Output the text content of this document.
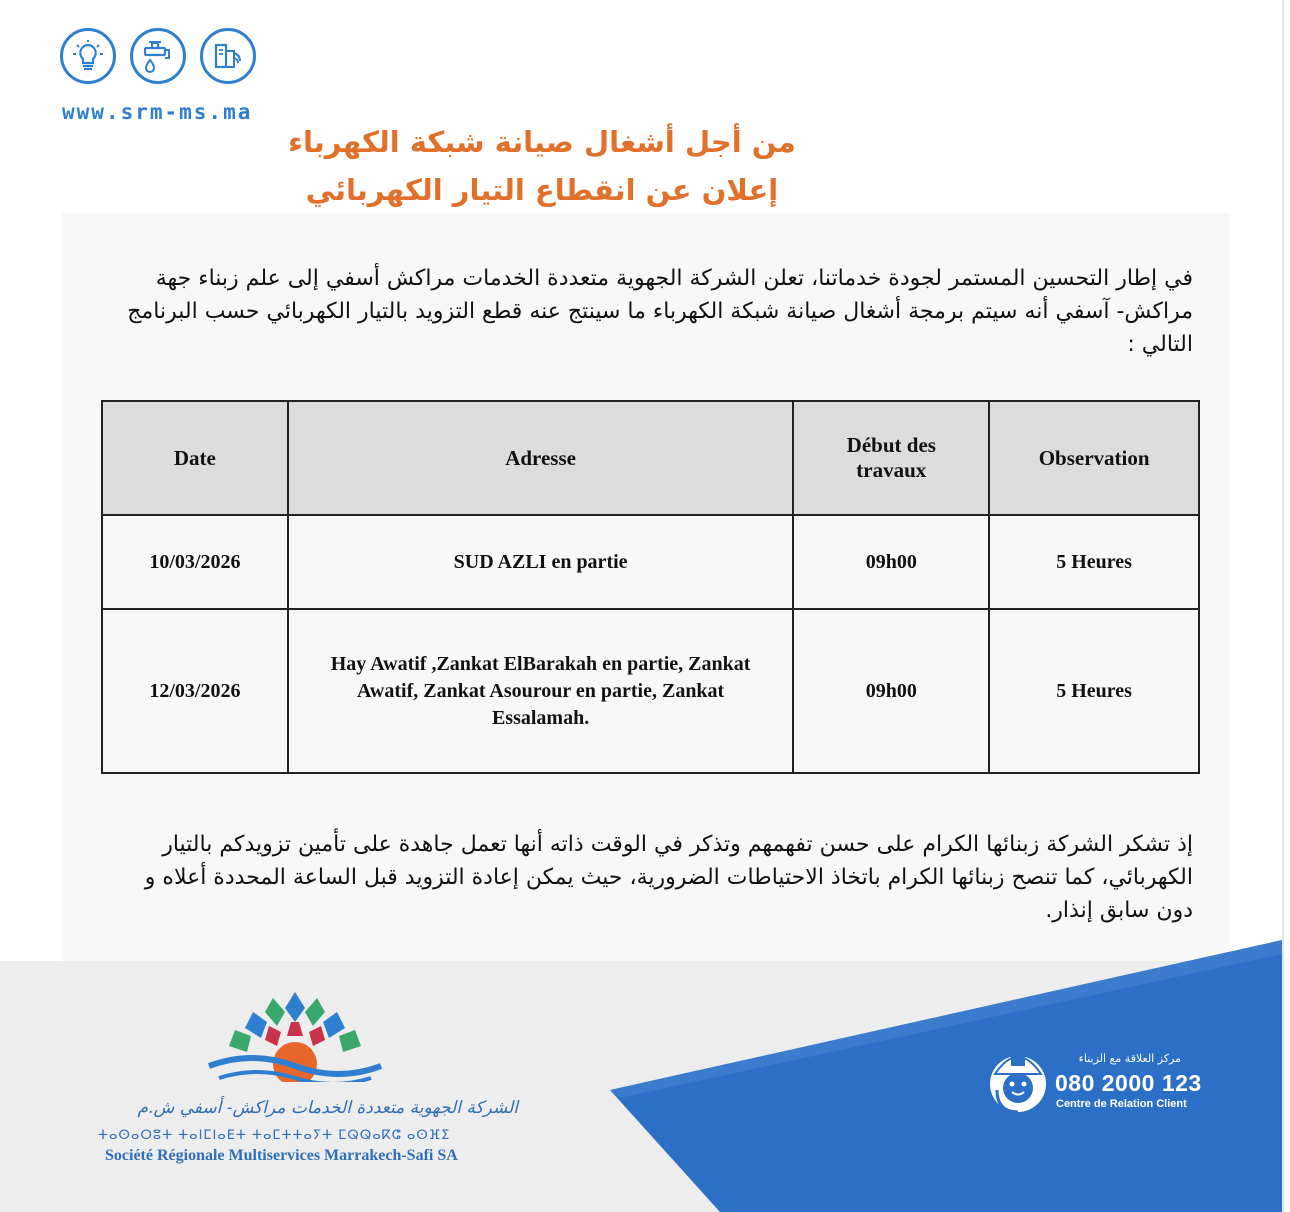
www.srm-ms.ma
من أجل أشغال صيانة شبكة الكهرباء
إعلان عن انقطاع التيار الكهربائي
في إطار التحسين المستمر لجودة خدماتنا، تعلن الشركة الجهوية متعددة الخدمات مراكش أسفي إلى علم زبناء جهة مراكش- آسفي أنه سيتم برمجة أشغال صيانة شبكة الكهرباء ما سينتج عنه قطع التزويد بالتيار الكهربائي حسب البرنامج التالي :
Date	Adresse	Début des travaux	Observation
10/03/2026	SUD AZLI en partie	09h00	5 Heures
12/03/2026	Hay Awatif ,Zankat ElBarakah en partie, Zankat Awatif, Zankat Asourour en partie, Zankat Essalamah.	09h00	5 Heures
إذ تشكر الشركة زبنائها الكرام على حسن تفهمهم وتذكر في الوقت ذاته أنها تعمل جاهدة على تأمين تزويدكم بالتيار الكهربائي، كما تنصح زبنائها الكرام باتخاذ الاحتياطات الضرورية، حيث يمكن إعادة التزويد قبل الساعة المحددة أعلاه و دون سابق إنذار.
الشركة الجهوية متعددة الخدمات مراكش- أسفي ش.م
ⵜⴰⵙⴰⵔⵓⵜ ⵜⴰⵏⵎⵏⴰⴹⵜ ⵜⴰⵎⵜⵜⴰⵢⵜ ⵎⵕⵕⴰⴽⵛ ⴰⵙⴼⵉ
Société Régionale Multiservices Marrakech-Safi SA
مركز العلاقة مع الزبناء
080 2000 123
Centre de Relation Client
